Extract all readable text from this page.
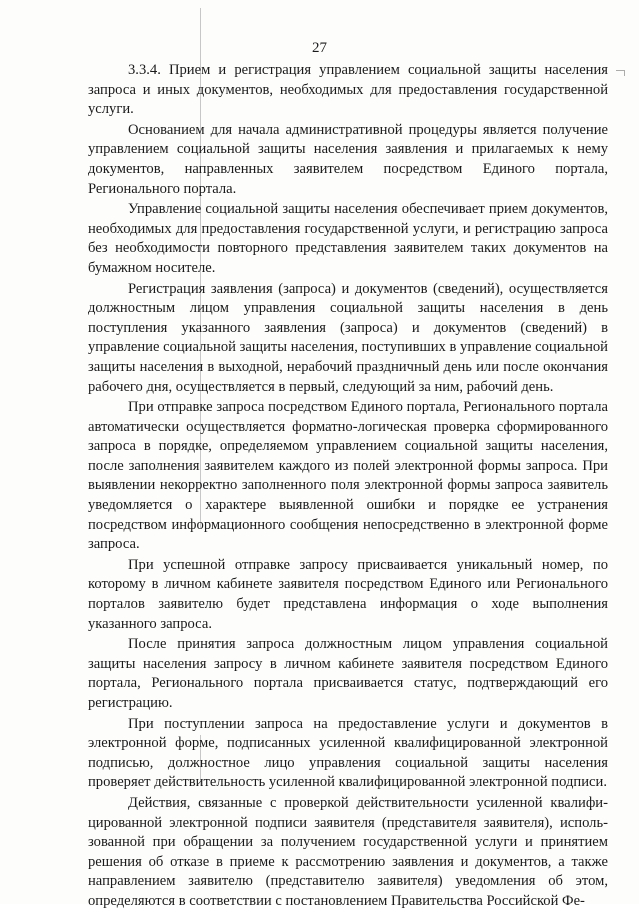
27

3.3.4. Прием и регистрация управлением социальной защиты населения запроса и иных документов, необходимых для предоставления государственной услуги.

Основанием для начала административной процедуры является получение управлением социальной защиты населения заявления и прилагаемых к нему документов, направленных заявителем посредством Единого портала, Регионального портала.

Управление социальной защиты населения обеспечивает прием документов, необходимых для предоставления государственной услуги, и регистрацию запроса без необходимости повторного представления заявителем таких документов на бумажном носителе.

Регистрация заявления (запроса) и документов (сведений), осуществляется должностным лицом управления социальной защиты населения в день поступления указанного заявления (запроса) и документов (сведений) в управление социальной защиты населения, поступивших в управление социальной защиты населения в выходной, нерабочий праздничный день или после окончания рабочего дня, осуществляется в первый, следующий за ним, рабочий день.

При отправке запроса посредством Единого портала, Регионального портала автоматически осуществляется форматно-логическая проверка сформированного запроса в порядке, определяемом управлением социальной защиты населения, после заполнения заявителем каждого из полей электронной формы запроса. При выявлении некорректно заполненного поля электронной формы запроса заявитель уведомляется о характере выявленной ошибки и порядке ее устранения посредством информационного сообщения непосредственно в электронной форме запроса.

При успешной отправке запросу присваивается уникальный номер, по которому в личном кабинете заявителя посредством Единого или Регионального порталов заявителю будет представлена информация о ходе выполнения указанного запроса.

После принятия запроса должностным лицом управления социальной защиты населения запросу в личном кабинете заявителя посредством Единого портала, Регионального портала присваивается статус, подтверждающий его регистрацию.

При поступлении запроса на предоставление услуги и документов в электронной форме, подписанных усиленной квалифицированной электронной подписью, должностное лицо управления социальной защиты населения проверяет действительность усиленной квалифицированной электронной подписи.

Действия, связанные с проверкой действительности усиленной квалифицированной электронной подписи заявителя (представителя заявителя), использованной при обращении за получением государственной услуги и принятием решения об отказе в приеме к рассмотрению заявления и документов, а также направлением заявителю (представителю заявителя) уведомления об этом, определяются в соответствии с постановлением Правительства Российской Фе-
